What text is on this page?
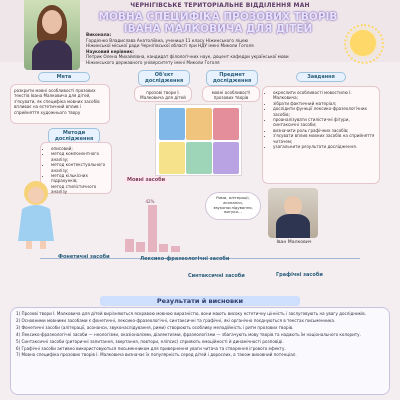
ЧЕРНІГІВСЬКЕ ТЕРИТОРІАЛЬНЕ ВІДДІЛЕННЯ МАН
МОВНА СПЕЦИФІКА ПРОЗОВИХ ТВОРІВ
ІВАНА МАЛКОВИЧА ДЛЯ ДІТЕЙ
Виконала:
Гордієнко Владислава Анатоліївна, учениця 11 класу Ніжинського ліцею
Ніжинської міської ради Чернігівської області при НДУ імені Миколи Гоголя
Науковий керівник:
Петрик Олена Михайлівна, кандидат філологічних наук, доцент кафедри української мови
Ніжинського державного університету імені Миколи Гоголя
Мета	Об'єкт дослідження
Предмет дослідження
Завдання
розкрити мовні особливості прозових текстів Івана Малковича для дітей, з'ясувати, як специфіка мовних засобів впливає на естетичний вплив і сприйняття художнього твору
прозові твори І. Малковича для дітей
мовні особливості прозових творів
• окреслити особливості мовостилю І. Малковича;
• зібрати фактичний матеріал;
• дослідити функції лексико-фразеологічних засобів;
• проаналізувати стилістичні фігури, синтаксичні засоби;
• визначити роль графічних засобів;
• з'ясувати вплив мовних засобів на сприйняття читачем;
• узагальнити результати дослідження.
Методи дослідження
• описовий;
• метод компонентного аналізу;
• метод контекстуального аналізу;
• метод кількісних підрахунків;
• метод стилістичного аналізу
Мовні засоби
42%
Рими, алітерації, асонанси, звуконаслідування, вигуки…
Іван Малкович
Фонетичні засоби	Лексико-фразеологічні засоби
Синтаксичні засоби	Графічні засоби
Результати й висновки

1) Прозові твори І. Малковича для дітей вирізняються яскравою мовною виразністю, вони мають високу естетичну цінність і заслуговують на увагу дослідників.

2) Основними мовними засобами є фонетичні, лексико-фразеологічні, синтаксичні та графічні, які органічно поєднуються в текстах письменника.

3) Фонетичні засоби (алітерації, асонанси, звуконаслідування, рими) створюють особливу мелодійність і ритм прозових творів.

4) Лексико-фразеологічні засоби — неологізми, оказіоналізми, діалектизми, фразеологізми — збагачують мову творів та надають їм національного колориту.

5) Синтаксичні засоби (риторичні запитання, звертання, повтори, еліпсис) сприяють емоційності й динамічності розповіді.

6) Графічні засоби активно використовуються письменником для привернення уваги читача та створення ігрового ефекту.

7) Мовна специфіка прозових творів І. Малковича визначає їх популярність серед дітей і дорослих, а також виховний потенціал.
